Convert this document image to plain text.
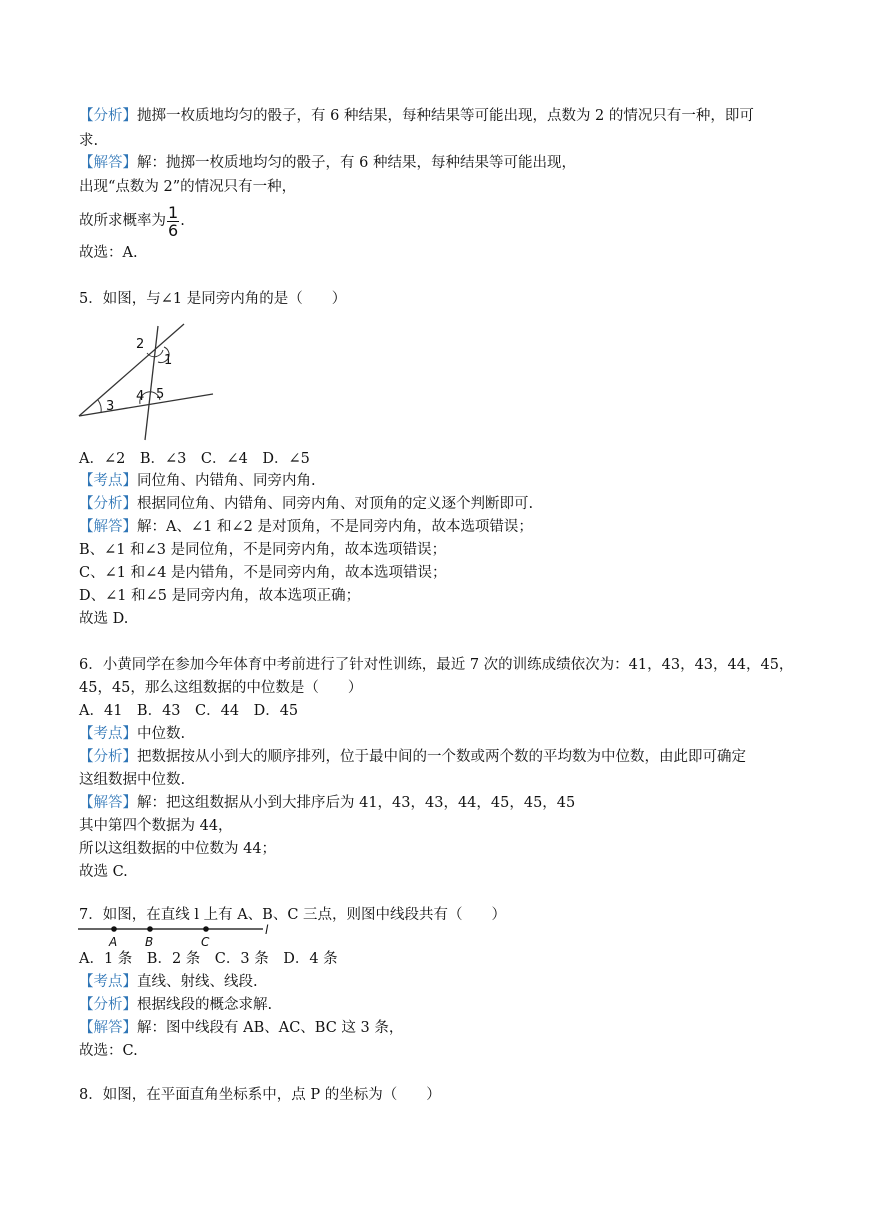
【分析】抛掷一枚质地均匀的骰子，有 6 种结果，每种结果等可能出现，点数为 2 的情况只有一种，即可
求.
【解答】解：抛掷一枚质地均匀的骰子，有 6 种结果，每种结果等可能出现，
出现“点数为 2”的情况只有一种，
故所求概率为 $\frac{1}{6}$ .
故选：A.
5．如图，与∠1 是同旁内角的是（　　）
2
1
4 5
3
A．∠2　B．∠3　C．∠4　D．∠5
【考点】同位角、内错角、同旁内角.
【分析】根据同位角、内错角、同旁内角、对顶角的定义逐个判断即可.
【解答】解：A、∠1 和∠2 是对顶角，不是同旁内角，故本选项错误；
B、∠1 和∠3 是同位角，不是同旁内角，故本选项错误；
C、∠1 和∠4 是内错角，不是同旁内角，故本选项错误；
D、∠1 和∠5 是同旁内角，故本选项正确；
故选 D.
6．小黄同学在参加今年体育中考前进行了针对性训练，最近 7 次的训练成绩依次为：41，43，43，44，45，
45，45，那么这组数据的中位数是（　　）
A．41　B．43　C．44　D．45
【考点】中位数.
【分析】把数据按从小到大的顺序排列，位于最中间的一个数或两个数的平均数为中位数，由此即可确定
这组数据中位数.
【解答】解：把这组数据从小到大排序后为 41，43，43，44，45，45，45
其中第四个数据为 44，
所以这组数据的中位数为 44；
故选 C.
7．如图，在直线 l 上有 A、B、C 三点，则图中线段共有（　　）
A B	C
l
A．1 条　B．2 条　C．3 条　D．4 条
【考点】直线、射线、线段.
【分析】根据线段的概念求解.
【解答】解：图中线段有 AB、AC、BC 这 3 条，
故选：C.
8．如图，在平面直角坐标系中，点 P 的坐标为（　　）
